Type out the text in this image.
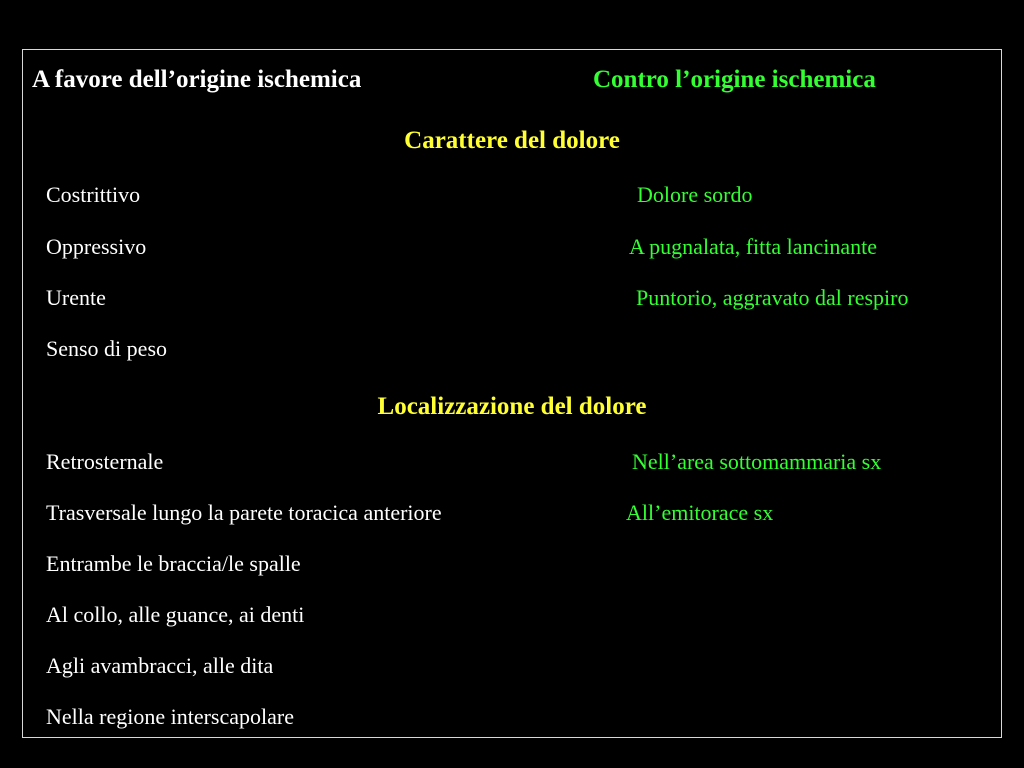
A favore dell’origine ischemica	Contro l’origine ischemica
Carattere del dolore
Costrittivo	Dolore sordo
Oppressivo	A pugnalata, fitta lancinante
Urente	Puntorio, aggravato dal respiro
Senso di peso
Localizzazione del dolore
Retrosternale	Nell’area sottomammaria sx
Trasversale lungo la parete toracica anteriore	All’emitorace sx
Entrambe le braccia/le spalle
Al collo, alle guance, ai denti
Agli avambracci, alle dita
Nella regione interscapolare
